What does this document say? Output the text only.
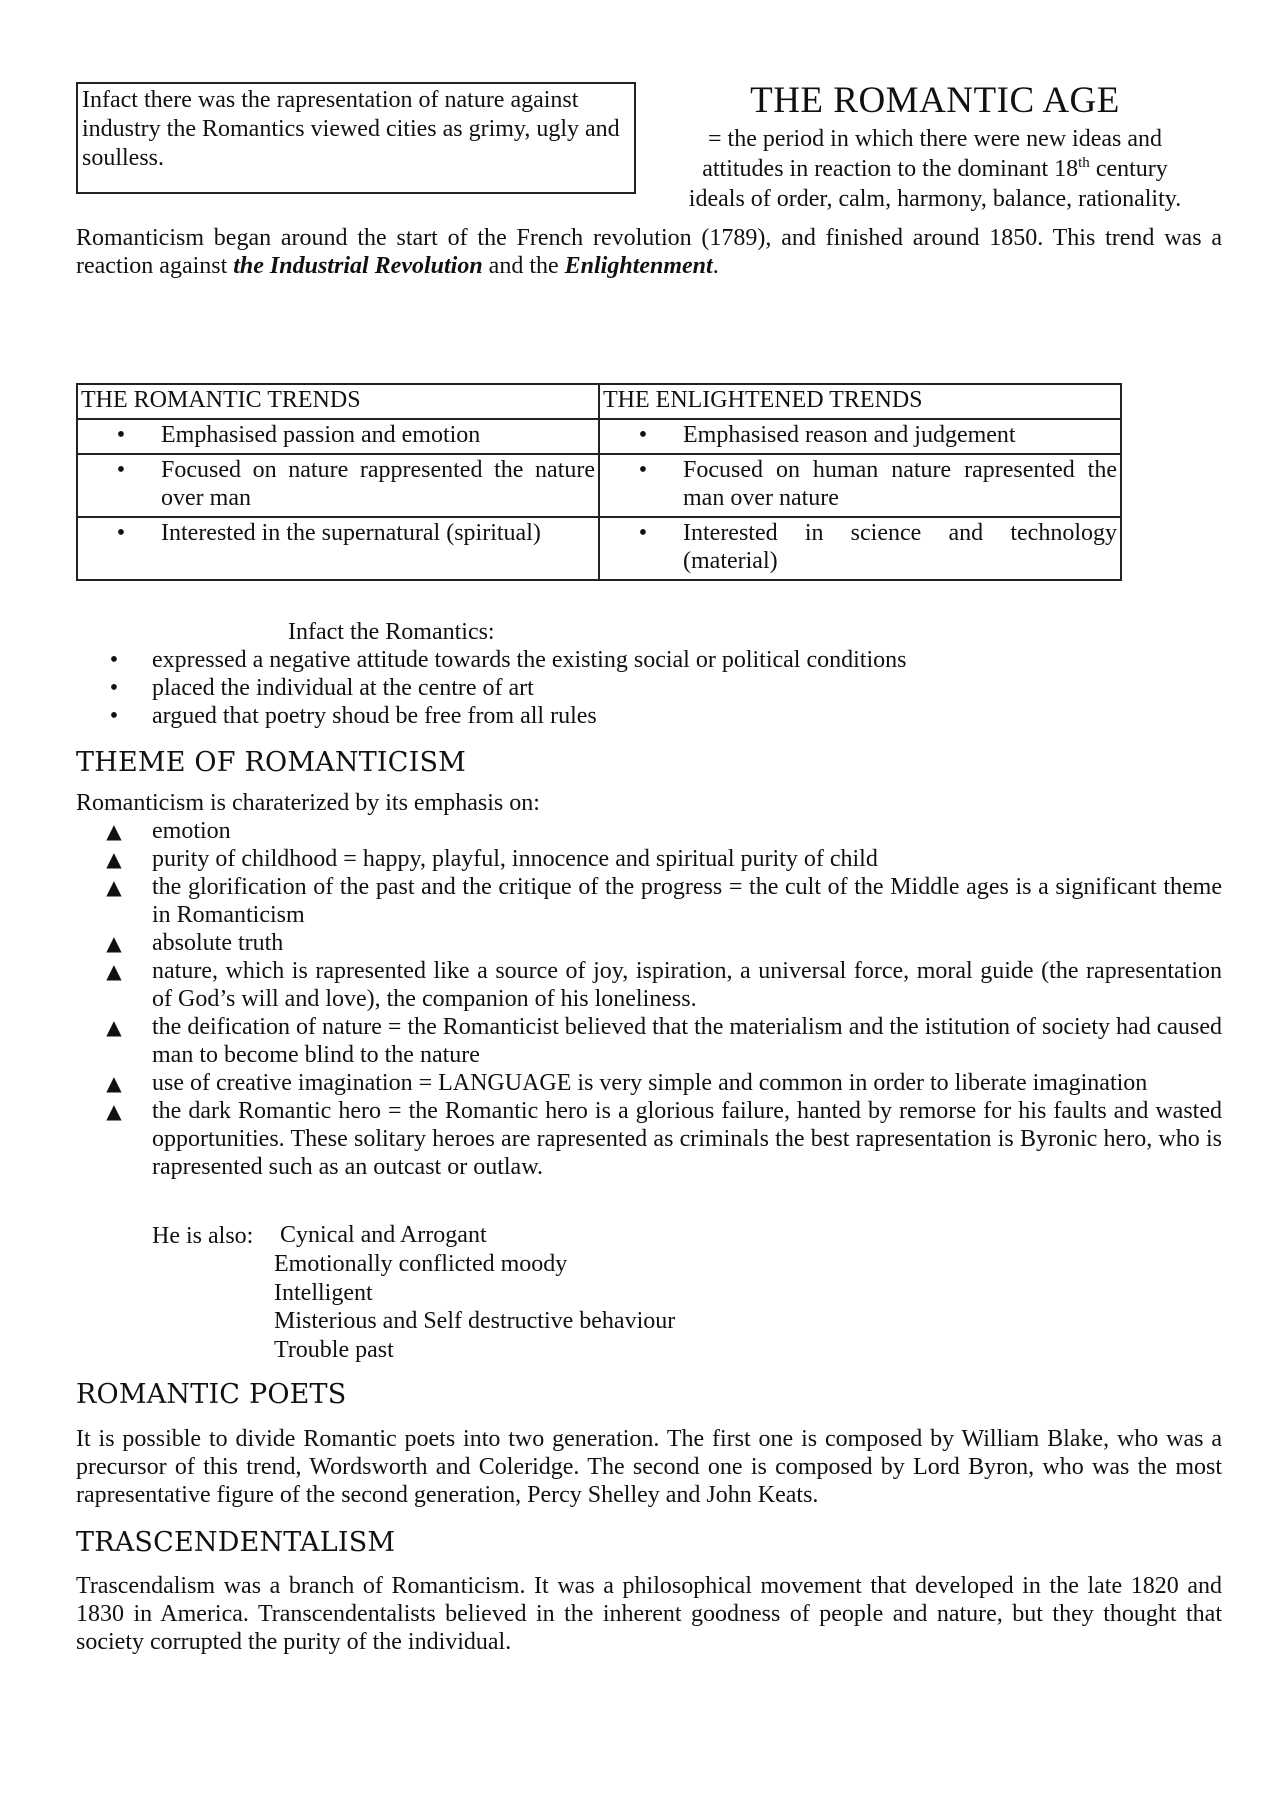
Infact there was the rapresentation of nature against industry the Romantics viewed cities as grimy, ugly and soulless.
THE ROMANTIC AGE
= the period in which there were new ideas and
attitudes in reaction to the dominant 18th century
ideals of order, calm, harmony, balance, rationality.
Romanticism began around the start of the French revolution (1789), and finished around 1850. This trend was a reaction against the Industrial Revolution and the Enlightenment.
THE ROMANTIC TRENDS	THE ENLIGHTENED TRENDS

• Emphasised passion and emotion	• Emphasised reason and judgement

• Focused on nature rappresented the nature over man	• Focused on human nature rapresented the man over nature

• Interested in the supernatural (spiritual)	• Interested in science and technology (material)
Infact the Romantics:
•	expressed a negative attitude towards the existing social or political conditions
•	placed the individual at the centre of art
•	argued that poetry shoud be free from all rules
THEME OF ROMANTICISM
Romanticism is charaterized by its emphasis on:
▲	emotion
▲	purity of childhood = happy, playful, innocence and spiritual purity of child
▲	the glorification of the past and the critique of the progress = the cult of the Middle ages is a significant theme in Romanticism
▲	absolute truth
▲	nature, which is rapresented like a source of joy, ispiration, a universal force, moral guide (the rapresentation of God’s will and love), the companion of his loneliness.
▲	the deification of nature = the Romanticist believed that the materialism and the istitution of society had caused man to become blind to the nature
▲	use of creative imagination = LANGUAGE is very simple and common in order to liberate imagination
▲	the dark Romantic hero = the Romantic hero is a glorious failure, hanted by remorse for his faults and wasted opportunities. These solitary heroes are rapresented as criminals the best rapresentation is Byronic hero, who is rapresented such as an outcast or outlaw.
He is also: Cynical and Arrogant
Emotionally conflicted moody
Intelligent
Misterious and Self destructive behaviour
Trouble past
ROMANTIC POETS
It is possible to divide Romantic poets into two generation. The first one is composed by William Blake, who was a precursor of this trend, Wordsworth and Coleridge. The second one is composed by Lord Byron, who was the most rapresentative figure of the second generation, Percy Shelley and John Keats.
TRASCENDENTALISM
Trascendalism was a branch of Romanticism. It was a philosophical movement that developed in the late 1820 and 1830 in America. Transcendentalists believed in the inherent goodness of people and nature, but they thought that society corrupted the purity of the individual.
